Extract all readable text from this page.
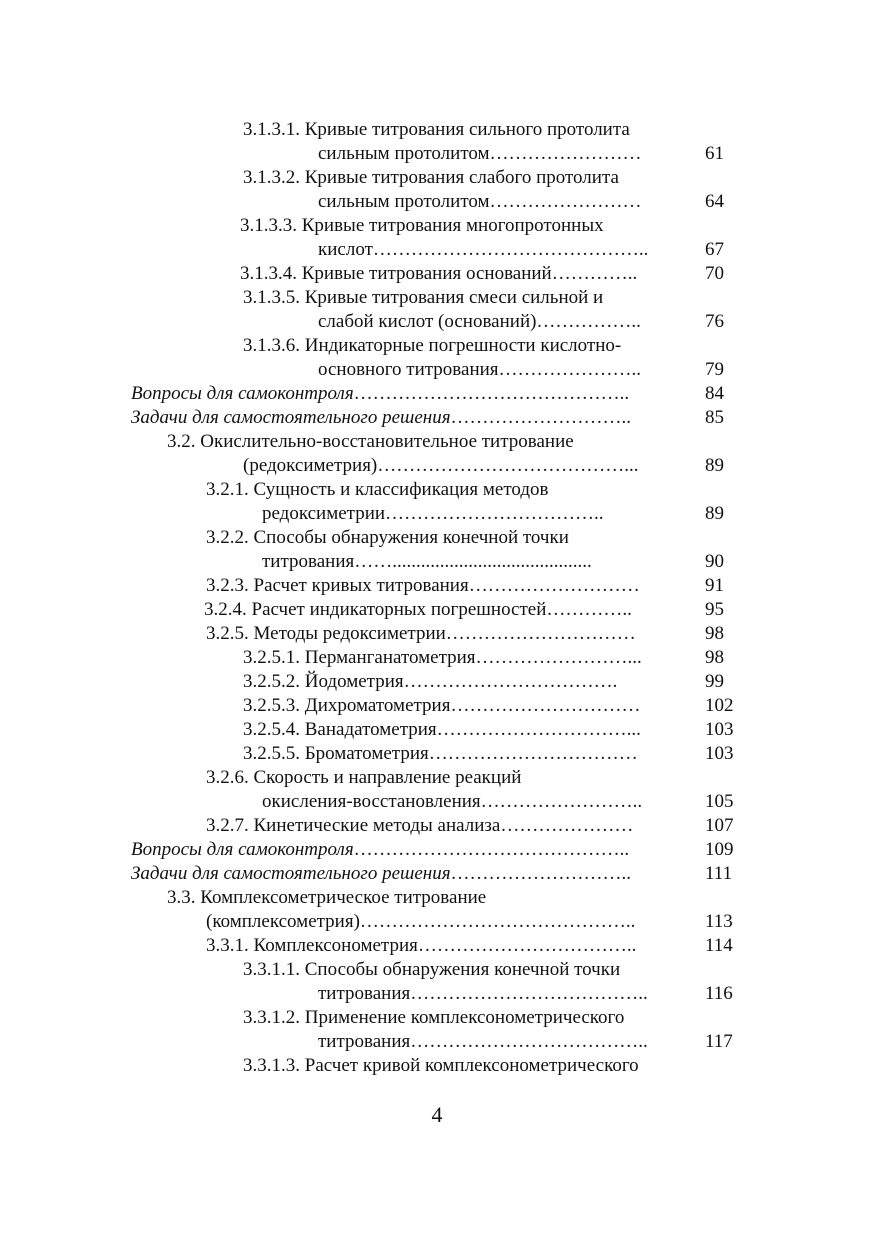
3.1.3.1. Кривые титрования сильного протолита
сильным протолитом……………………	61
3.1.3.2. Кривые титрования слабого протолита
сильным протолитом……………………	64
3.1.3.3. Кривые титрования многопротонных
кислот……………………………………..	67
3.1.3.4. Кривые титрования оснований…………..	70
3.1.3.5. Кривые титрования смеси сильной и
слабой кислот (оснований)……………..	76
3.1.3.6. Индикаторные погрешности кислотно-
основного титрования…………………..	79
Вопросы для самоконтроля……………………………………..	84
Задачи для самостоятельного решения………………………..	85
3.2. Окислительно-восстановительное титрование
(редоксиметрия)…………………………………...	89
3.2.1. Сущность и классификация методов
редоксиметрии……………………………..	89
3.2.2. Способы обнаружения конечной точки
титрования……..........................................	90
3.2.3. Расчет кривых титрования………………………	91
3.2.4. Расчет индикаторных погрешностей…………..	95
3.2.5. Методы редоксиметрии…………………………	98
3.2.5.1. Перманганатометрия……………………...	98
3.2.5.2. Йодометрия…………………………….	99
3.2.5.3. Дихроматометрия…………………………	102
3.2.5.4. Ванадатометрия…………………………...	103
3.2.5.5. Броматометрия……………………………	103
3.2.6. Скорость и направление реакций
окисления-восстановления……………………..	105
3.2.7. Кинетические методы анализа…………………	107
Вопросы для самоконтроля……………………………………..	109
Задачи для самостоятельного решения………………………..	111
3.3. Комплексометрическое титрование
(комплексометрия)……………………………………..	113
3.3.1. Комплексонометрия……………………………..	114
3.3.1.1. Способы обнаружения конечной точки
титрования………………………………..	116
3.3.1.2. Применение комплексонометрического
титрования………………………………..	117
3.3.1.3. Расчет кривой комплексонометрического
4
